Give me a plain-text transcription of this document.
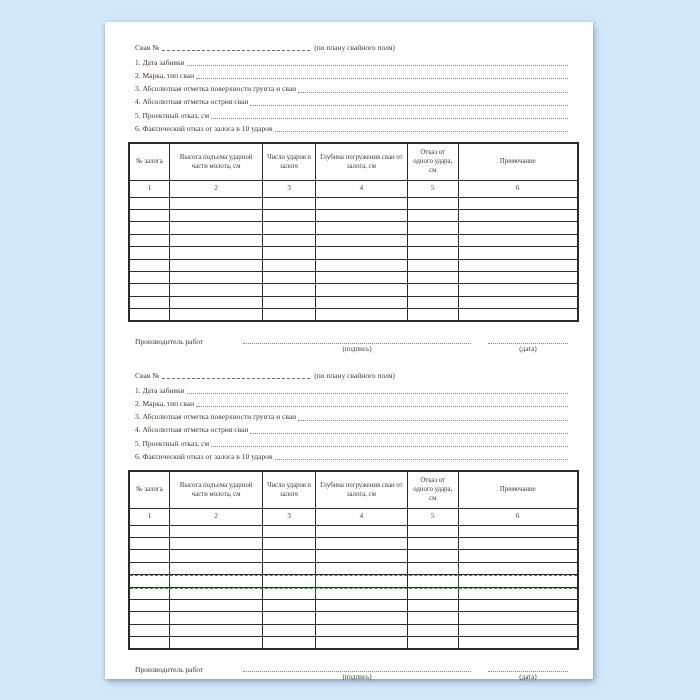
Свая №	(по плану свайного поля)
1. Дата забивки
2. Марка, тип сваи
3. Абсолютная отметка поверхности грунта и сваи
4. Абсолютная отметка острия сваи
5. Проектный отказ, см
6. Фактический отказ от залога в 10 ударов
№ залога	Высота подъема ударной части молота, см	Число ударов в залоге	Глубина погружения сваи от залога, см	Отказ от одного удара, см	Примечание
1	2	3	4	5	6

Производитель работ
(подпись)	(дата)
Свая №	(по плану свайного поля)
1. Дата забивки
2. Марка, тип сваи
3. Абсолютная отметка поверхности грунта и сваи
4. Абсолютная отметка острия сваи
5. Проектный отказ, см
6. Фактический отказ от залога в 10 ударов
№ залога	Высота подъема ударной части молота, см	Число ударов в залоге	Глубина погружения сваи от залога, см	Отказ от одного удара, см	Примечание
1	2	3	4	5	6

Производитель работ
(подпись)	(дата)
